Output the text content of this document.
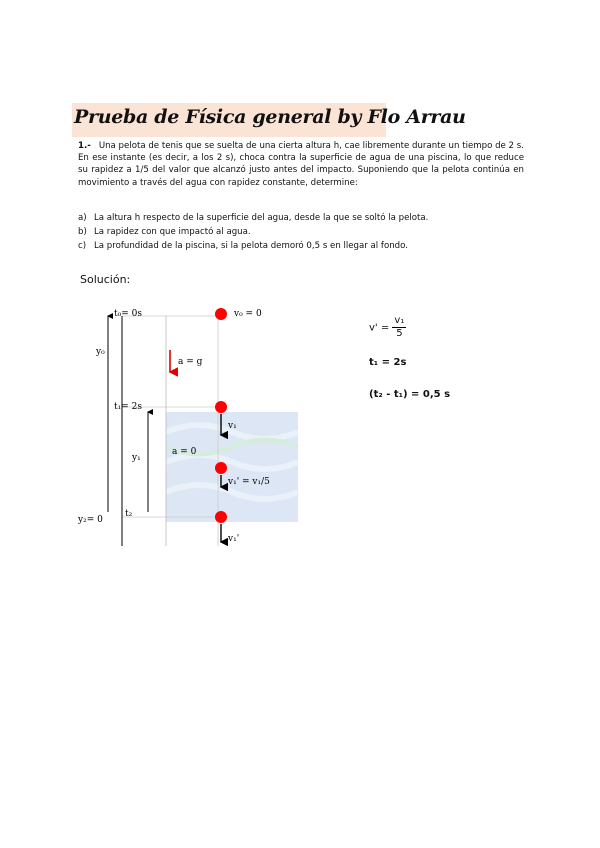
Prueba de Física general by Flo Arrau
1.- Una pelota de tenis que se suelta de una cierta altura h, cae libremente durante un tiempo de 2 s. En ese instante (es decir, a los 2 s), choca contra la superficie de agua de una piscina, lo que reduce su rapidez a 1/5 del valor que alcanzó justo antes del impacto. Suponiendo que la pelota continúa en movimiento a través del agua con rapidez constante, determine:
a) La altura h respecto de la superficie del agua, desde la que se soltó la pelota.
b) La rapidez con que impactó al agua.
c) La profundidad de la piscina, si la pelota demoró 0,5 s en llegar al fondo.
Solución:
t₀= 0s
t₁= 2s
t₂
y₀
y₁
y₂= 0
a = g
a = 0
v₀ = 0
v₁
v₁' = v₁/5
v₁'
$v' = \frac{\text{v₁}}{5}$
t₁ = 2s
(t₂ - t₁) = 0,5 s
